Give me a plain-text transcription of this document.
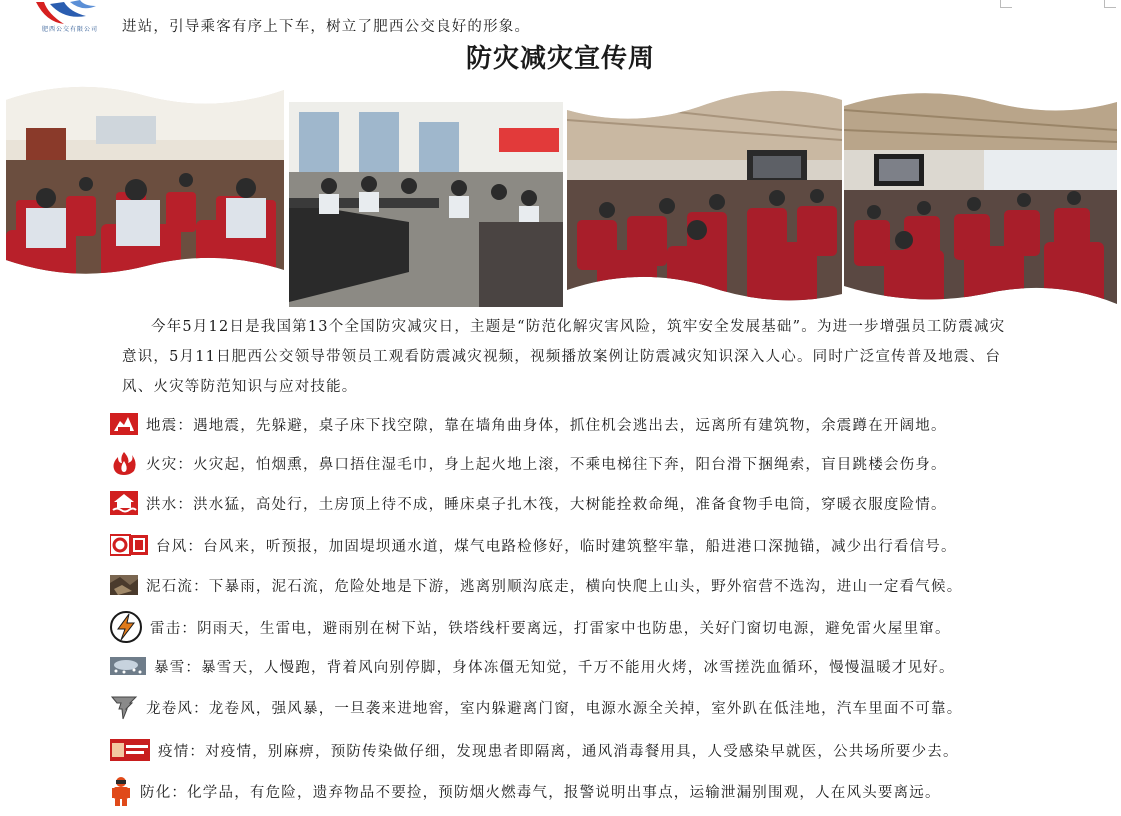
肥西公交有限公司	进站，引导乘客有序上下车，树立了肥西公交良好的形象。
防灾减灾宣传周

今年5月12日是我国第13个全国防灾减灾日，主题是“防范化解灾害风险，筑牢安全发展基础”。为进一步增强员工防震减灾意识，5月11日肥西公交领导带领员工观看防震减灾视频，视频播放案例让防震减灾知识深入人心。同时广泛宣传普及地震、台风、火灾等防范知识与应对技能。

地震：遇地震，先躲避，桌子床下找空隙，靠在墙角曲身体，抓住机会逃出去，远离所有建筑物，余震蹲在开阔地。
火灾：火灾起，怕烟熏，鼻口捂住湿毛巾，身上起火地上滚，不乘电梯往下奔，阳台滑下捆绳索，盲目跳楼会伤身。
洪水：洪水猛，高处行，土房顶上待不成，睡床桌子扎木筏，大树能拴救命绳，准备食物手电筒，穿暖衣服度险情。
台风：台风来，听预报，加固堤坝通水道，煤气电路检修好，临时建筑整牢靠，船进港口深抛锚，减少出行看信号。
泥石流：下暴雨，泥石流，危险处地是下游，逃离别顺沟底走，横向快爬上山头，野外宿营不选沟，进山一定看气候。
雷击：阴雨天，生雷电，避雨别在树下站，铁塔线杆要离远，打雷家中也防患，关好门窗切电源，避免雷火屋里窜。
暴雪：暴雪天，人慢跑，背着风向别停脚，身体冻僵无知觉，千万不能用火烤，冰雪搓洗血循环，慢慢温暖才见好。
龙卷风：龙卷风，强风暴，一旦袭来进地窖，室内躲避离门窗，电源水源全关掉，室外趴在低洼地，汽车里面不可靠。
疫情：对疫情，别麻痹，预防传染做仔细，发现患者即隔离，通风消毒餐用具，人受感染早就医，公共场所要少去。
防化：化学品，有危险，遗弃物品不要捡，预防烟火燃毒气，报警说明出事点，运输泄漏别围观，人在风头要离远。
